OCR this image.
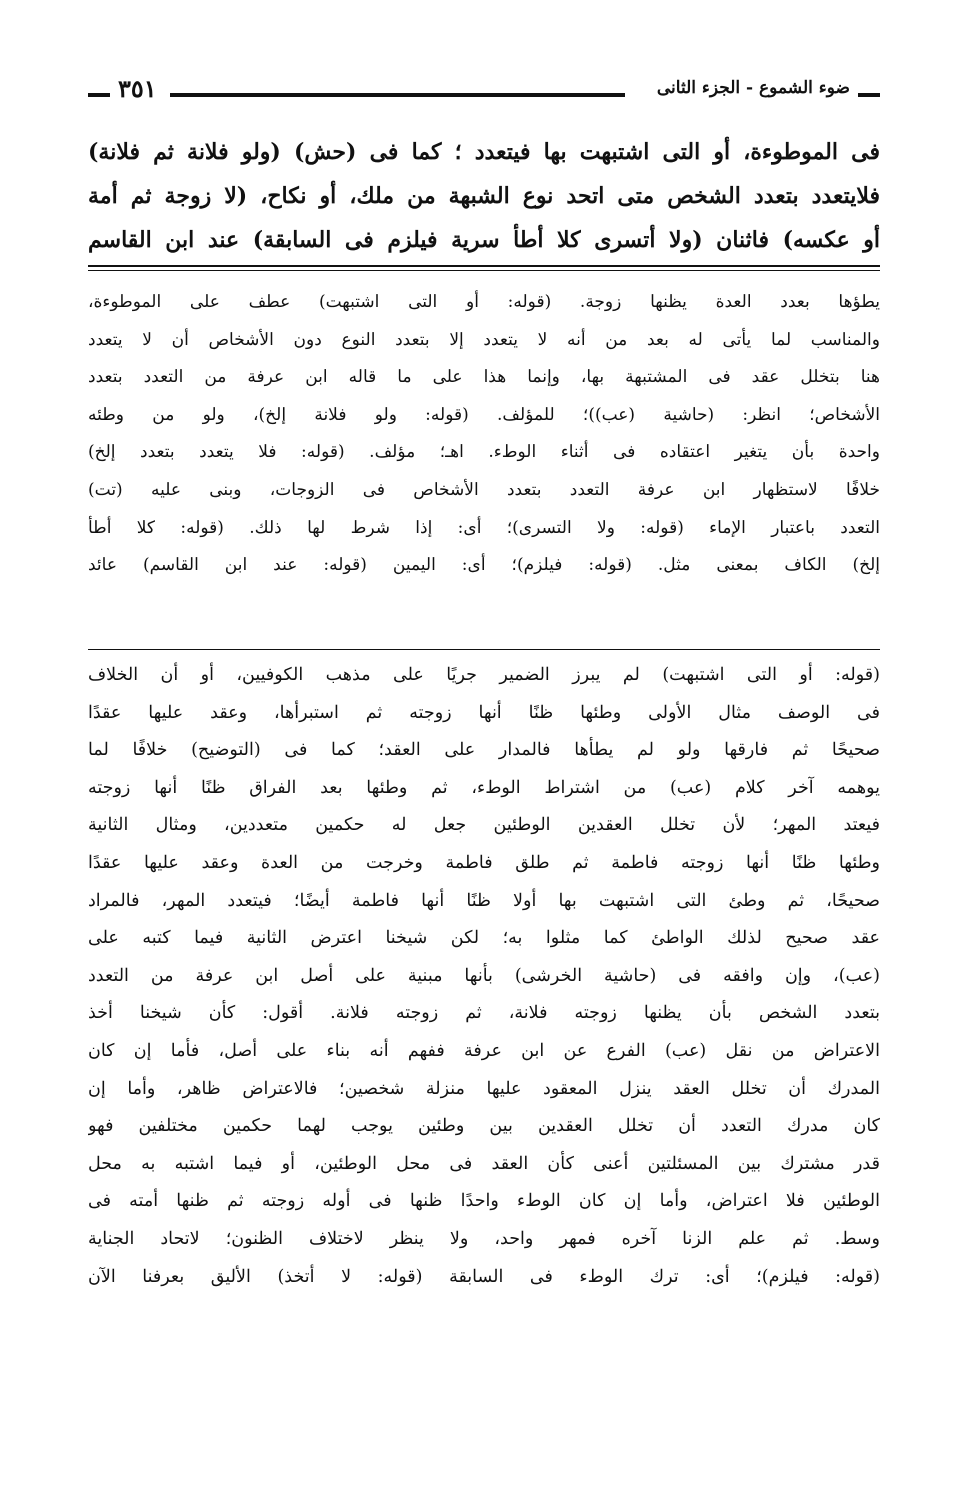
ضوء الشموع - الجزء الثانى
٣٥١
فى الموطوءة، أو التى اشتبهت بها فيتعدد ؛ كما فى (حش) (ولو فلانة ثم فلانة)
فلايتعدد بتعدد الشخص متى اتحد نوع الشبهة من ملك، أو نكاح، (لا زوجة ثم أمة
أو عكسه) فاثنان (ولا أتسرى كلا أطأ سرية فيلزم فى السابقة) عند ابن القاسم
يطؤها بعدد العدة يظنها زوجة. (قوله: أو التى اشتبهت) عطف على الموطوءة،
والمناسب لما يأتى له بعد من أنه لا يتعدد إلا بتعدد النوع دون الأشخاص أن لا يتعدد
هنا بتخلل عقد فى المشتبهة بها، وإنما هذا على ما قاله ابن عرفة من التعدد بتعدد
الأشخاص؛ انظر: (حاشية (عب))؛ للمؤلف. (قوله: ولو فلانة إلخ)، ولو من وطئه
واحدة بأن يتغير اعتقاده فى أثناء الوطء. اهـ؛ مؤلف. (قوله: فلا يتعدد بتعدد إلخ)
خلافًا لاستظهار ابن عرفة التعدد بتعدد الأشخاص فى الزوجات، وبنى عليه (تت)
التعدد باعتبار الإماء (قوله: ولا التسرى)؛ أى: إذا شرط لها ذلك. (قوله: كلا أطأ
إلخ) الكاف بمعنى مثل. (قوله: فيلزم)؛ أى: اليمين (قوله: عند ابن القاسم) عائد
(قوله: أو التى اشتبهت) لم يبرز الضمير جريًا على مذهب الكوفيين، أو أن الخلاف
فى الوصف مثال الأولى وطئها ظنًا أنها زوجته ثم استبرأها، وعقد عليها عقدًا
صحيحًا ثم فارقها ولو لم يطأها فالمدار على العقد؛ كما فى (التوضيح) خلافًا لما
يوهمه آخر كلام (عب) من اشتراط الوطء، ثم وطئها بعد الفراق ظنًا أنها زوجته
فيعتد المهر؛ لأن تخلل العقدين الوطئين جعل له حكمين متعددين، ومثال الثانية
وطئها ظنًا أنها زوجته فاطمة ثم طلق فاطمة وخرجت من العدة وعقد عليها عقدًا
صحيحًا، ثم وطئ التى اشتبهت بها أولا ظنًا أنها فاطمة أيضًا؛ فيتعدد المهر، فالمراد
عقد صحيح لذلك الواطئ كما مثلوا به؛ لكن شيخنا اعترض الثانية فيما كتبه على
(عب)، وإن وافقه فى (حاشية الخرشى) بأنها مبنية على أصل ابن عرفة من التعدد
بتعدد الشخص بأن يظنها زوجته فلانة، ثم زوجته فلانة. أقول: كأن شيخنا أخذ
الاعتراض من نقل (عب) الفرع عن ابن عرفة ففهم أنه بناء على أصل، فأما إن كان
المدرك أن تخلل العقد ينزل المعقود عليها منزلة شخصين؛ فالاعتراض ظاهر، وأما إن
كان مدرك التعدد أن تخلل العقدين بين وطئين يوجب لهما حكمين مختلفين فهو
قدر مشترك بين المسئلتين أعنى كأن العقد فى محل الوطئين، أو فيما اشتبه به محل
الوطئين فلا اعتراض، وأما إن كان الوطء واحدًا ظنها فى أوله زوجته ثم ظنها أمته فى
وسط. ثم علم الزنا آخره فمهر واحد، ولا ينظر لاختلاف الظنون؛ لاتحاد الجناية
(قوله: فيلزم)؛ أى: ترك الوطء فى السابقة (قوله: لا أتخذ) الأليق بعرفنا الآن
